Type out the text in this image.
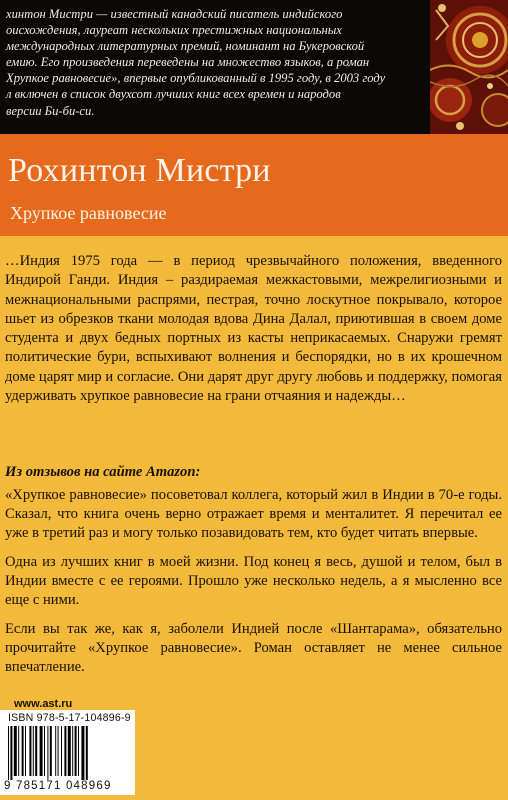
хинтон Мистри — известный канадский писатель индийского
оисхождения, лауреат нескольких престижных национальных
международных литературных премий, номинант на Букеровской
емию. Его произведения переведены на множество языков, а роман
Хрупкое равновесие», впервые опубликованный в 1995 году, в 2003 году
л включен в список двухсот лучших книг всех времен и народов
версии Би-би-си.
Рохинтон Мистри
Хрупкое равновесие

…Индия 1975 года — в период чрезвычайного положения, введенного Индирой Ганди. Индия – раздираемая межкастовыми, межрелигиозными и межнациональными распрями, пестрая, точно лоскутное покрывало, которое шьет из обрезков ткани молодая вдова Дина Далал, приютившая в своем доме студента и двух бедных портных из касты неприкасаемых. Снаружи гремят политические бури, вспыхивают волнения и беспорядки, но в их крошечном доме царят мир и согласие. Они дарят друг другу любовь и поддержку, помогая удерживать хрупкое равновесие на грани отчаяния и надежды…

Из отзывов на сайте Amazon:

«Хрупкое равновесие» посоветовал коллега, который жил в Индии в 70-е годы. Сказал, что книга очень верно отражает время и менталитет. Я перечитал ее уже в третий раз и могу только позавидовать тем, кто будет читать впервые.

Одна из лучших книг в моей жизни. Под конец я весь, душой и телом, был в Индии вместе с ее героями. Прошло уже несколько недель, а я мысленно все еще с ними.

Если вы так же, как я, заболели Индией после «Шантарама», обязательно прочитайте «Хрупкое равновесие». Роман оставляет не менее сильное впечатление.

www.ast.ru
ISBN 978-5-17-104896-9
9 785171 048969
